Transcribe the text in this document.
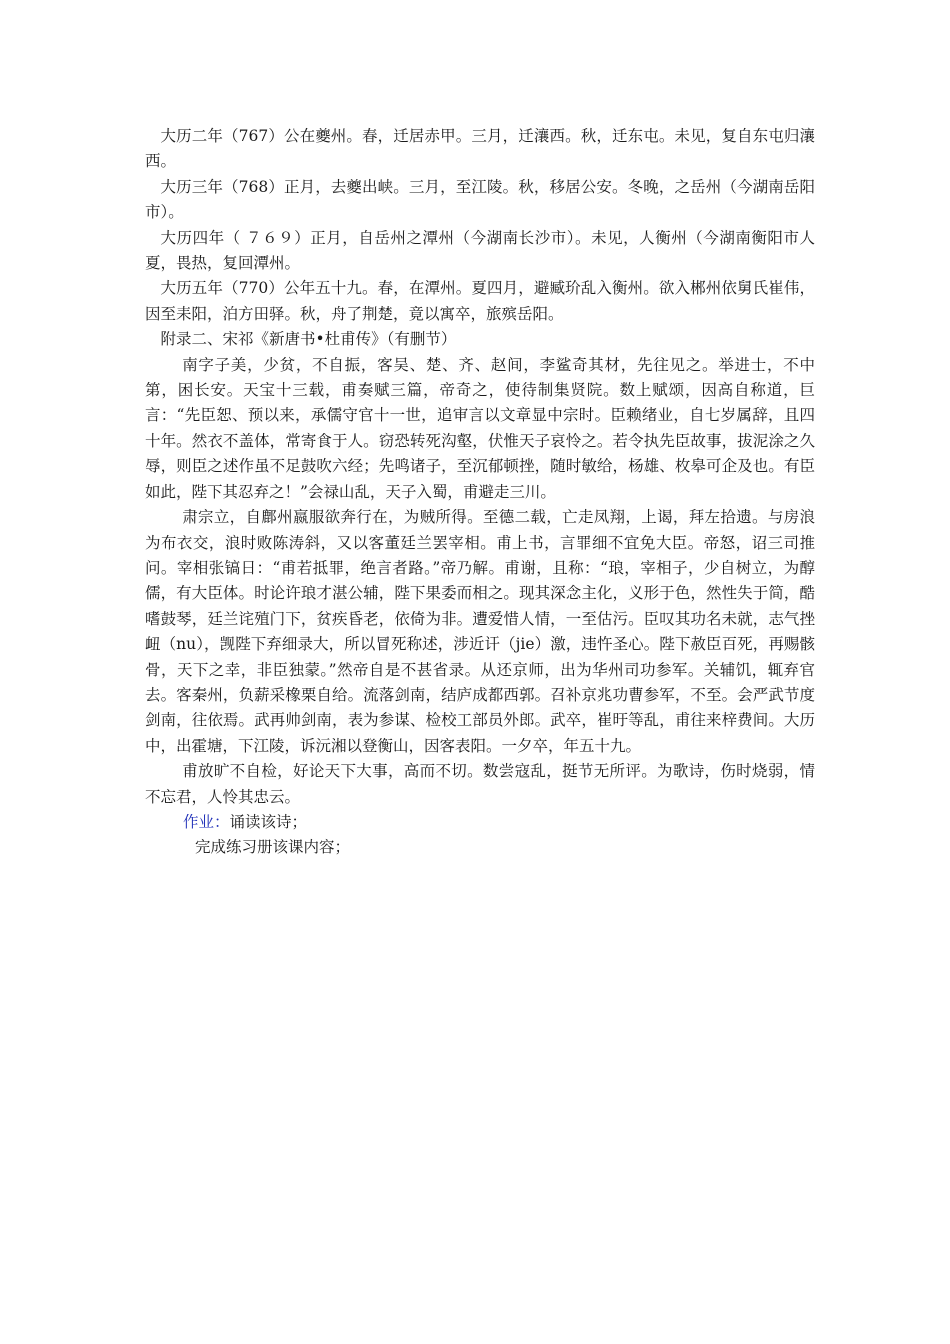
大历二年（767）公在夔州。春，迁居赤甲。三月，迁瀼西。秋，迁东屯。未见，复自东屯归瀼西。

大历三年（768）正月，去夔出峡。三月，至江陵。秋，移居公安。冬晚，之岳州（今湖南岳阳市）。

大历四年（ ７６９）正月，自岳州之潭州（今湖南长沙市）。未见，人衡州（今湖南衡阳市人夏，畏热，复回潭州。

大历五年（770）公年五十九。春，在潭州。夏四月，避臧玠乱入衡州。欲入郴州依舅氏崔伟，因至耒阳，泊方田驿。秋，舟了荆楚，竟以寓卒，旅殡岳阳。

附录二、宋祁《新唐书•杜甫传》（有删节）

南字子美，少贫，不自振，客吴、楚、齐、赵间，李鲨奇其材，先往见之。举进士，不中第，困长安。天宝十三载，甫奏赋三篇，帝奇之，使待制集贤院。数上赋颂，因高自称道，巨言：“先臣恕、预以来，承儒守官十一世，追审言以文章显中宗时。臣赖绪业，自七岁属辞，且四十年。然衣不盖体，常寄食于人。窃恐转死沟壑，伏惟天子哀怜之。若令执先臣故事，拔泥涂之久辱，则臣之述作虽不足鼓吹六经；先鸣诸子，至沉郁顿挫，随时敏给，杨雄、枚皋可企及也。有臣如此，陛下其忍弃之！”会禄山乱，天子入蜀，甫避走三川。

肃宗立，自鄜州嬴服欲奔行在，为贼所得。至德二载，亡走凤翔，上谒，拜左拾遗。与房浪为布衣交，浪时败陈涛斜，又以客董廷兰罢宰相。甫上书，言罪细不宜免大臣。帝怒，诏三司推问。宰相张镐日：“甫若抵罪，绝言者路。”帝乃解。甫谢，且称：“琅，宰相子，少自树立，为醇儒，有大臣体。时论许琅才湛公辅，陛下果委而相之。现其深念主化，义形于色，然性失于简，酷嗜鼓琴，廷兰诧殖门下，贫疾昏老，依倚为非。遭爱惜人情，一至估污。臣叹其功名未就，志气挫衄（nu），觊陛下弃细录大，所以冒死称述，涉近讦（jie）激，违忤圣心。陛下赦臣百死，再赐骸骨，天下之幸，非臣独蒙。”然帝自是不甚省录。从还京师，出为华州司功参军。关辅饥，辄弃官去。客秦州，负薪采橡栗自给。流落剑南，结庐成都西郭。召补京兆功曹参军，不至。会严武节度剑南，往依焉。武再帅剑南，表为参谋、检校工部员外郎。武卒，崔旴等乱，甫往来梓费间。大历中，出霍塘，下江陵，诉沅湘以登衡山，因客表阳。一夕卒，年五十九。

甫放旷不自检，好论天下大事，高而不切。数尝寇乱，挺节无所评。为歌诗，伤时烧弱，情不忘君，人怜其忠云。

作业：诵读该诗；

完成练习册该课内容；
